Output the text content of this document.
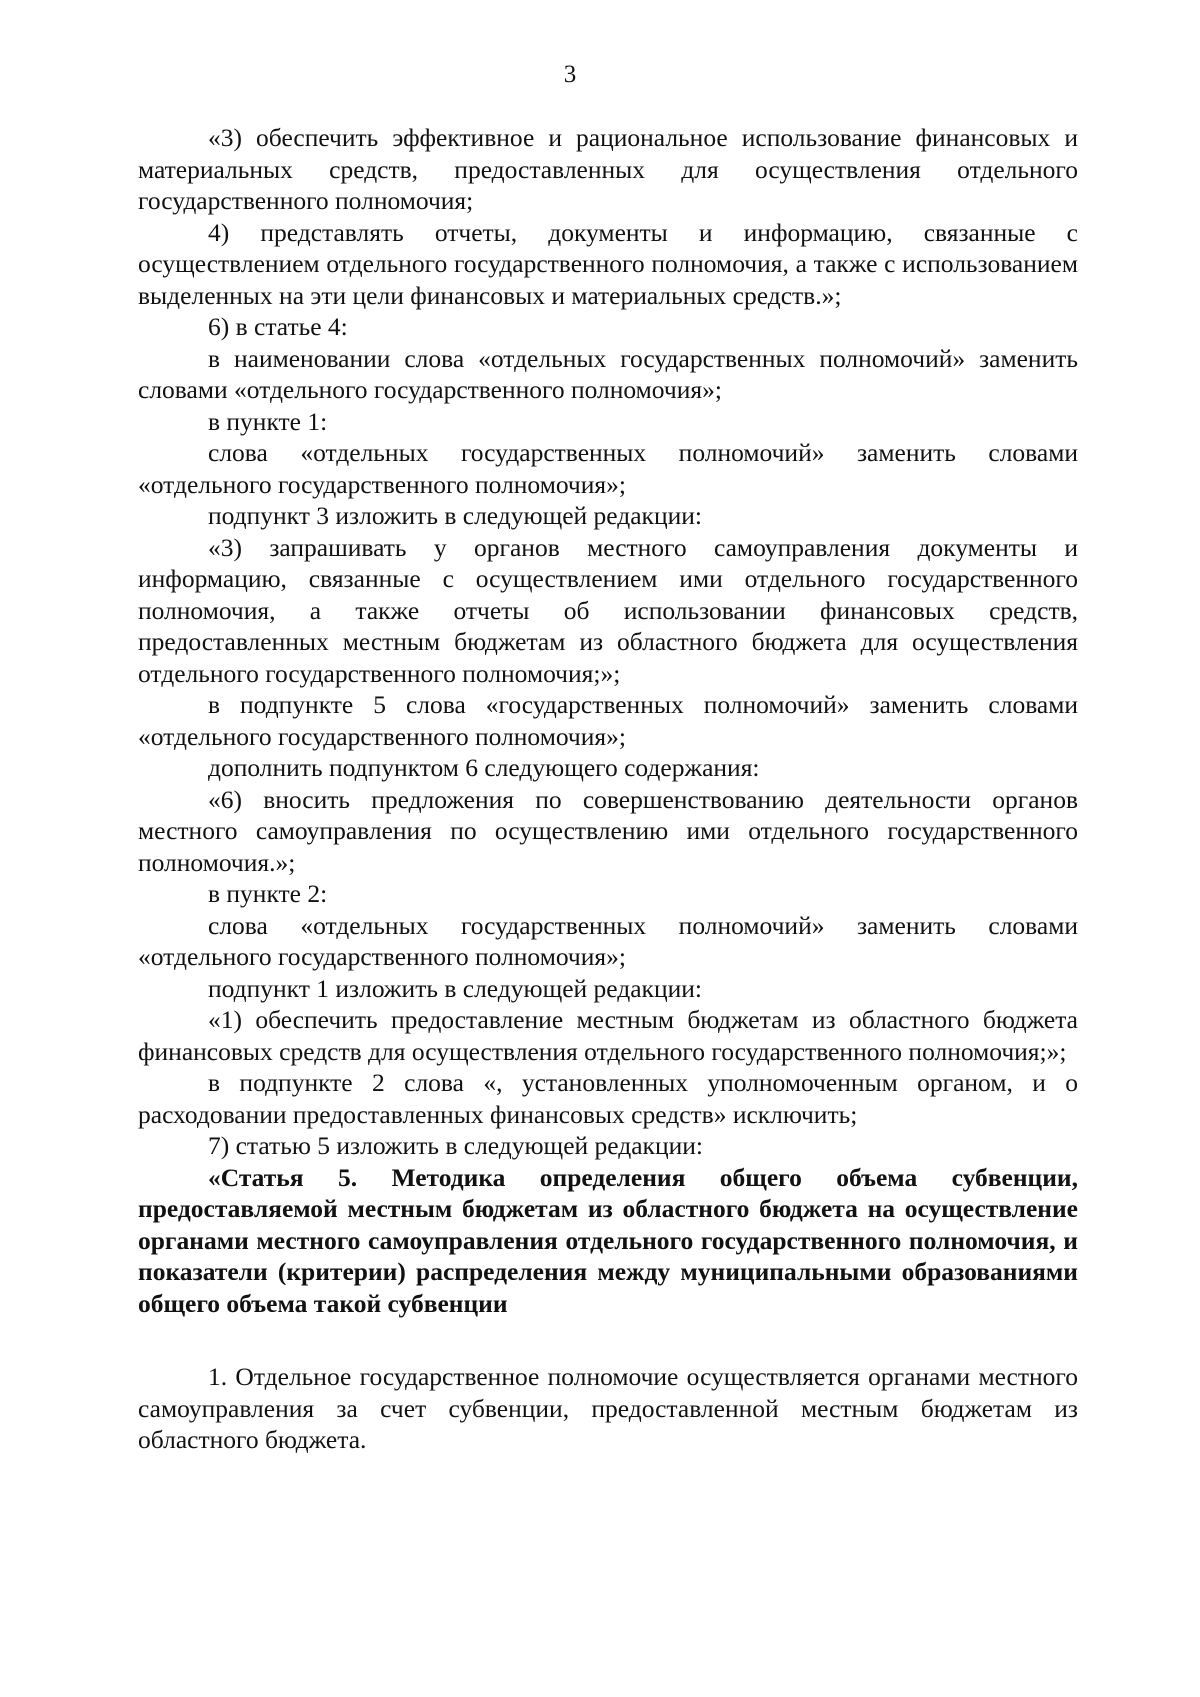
3

«3) обеспечить эффективное и рациональное использование финансовых и материальных средств, предоставленных для осуществления отдельного государственного полномочия;

4) представлять отчеты, документы и информацию, связанные с осуществлением отдельного государственного полномочия, а также с использованием выделенных на эти цели финансовых и материальных средств.»;

6) в статье 4:

в наименовании слова «отдельных государственных полномочий» заменить словами «отдельного государственного полномочия»;

в пункте 1:

слова «отдельных государственных полномочий» заменить словами «отдельного государственного полномочия»;

подпункт 3 изложить в следующей редакции:

«3) запрашивать у органов местного самоуправления документы и информацию, связанные с осуществлением ими отдельного государственного полномочия, а также отчеты об использовании финансовых средств, предоставленных местным бюджетам из областного бюджета для осуществления отдельного государственного полномочия;»;

в подпункте 5 слова «государственных полномочий» заменить словами «отдельного государственного полномочия»;

дополнить подпунктом 6 следующего содержания:

«6) вносить предложения по совершенствованию деятельности органов местного самоуправления по осуществлению ими отдельного государственного полномочия.»;

в пункте 2:

слова «отдельных государственных полномочий» заменить словами «отдельного государственного полномочия»;

подпункт 1 изложить в следующей редакции:

«1) обеспечить предоставление местным бюджетам из областного бюджета финансовых средств для осуществления отдельного государственного полномочия;»;

в подпункте 2 слова «, установленных уполномоченным органом, и о расходовании предоставленных финансовых средств» исключить;

7) статью 5 изложить в следующей редакции:

«Статья 5. Методика определения общего объема субвенции, предоставляемой местным бюджетам из областного бюджета на осуществление органами местного самоуправления отдельного государственного полномочия, и показатели (критерии) распределения между муниципальными образованиями общего объема такой субвенции

1. Отдельное государственное полномочие осуществляется органами местного самоуправления за счет субвенции, предоставленной местным бюджетам из областного бюджета.
